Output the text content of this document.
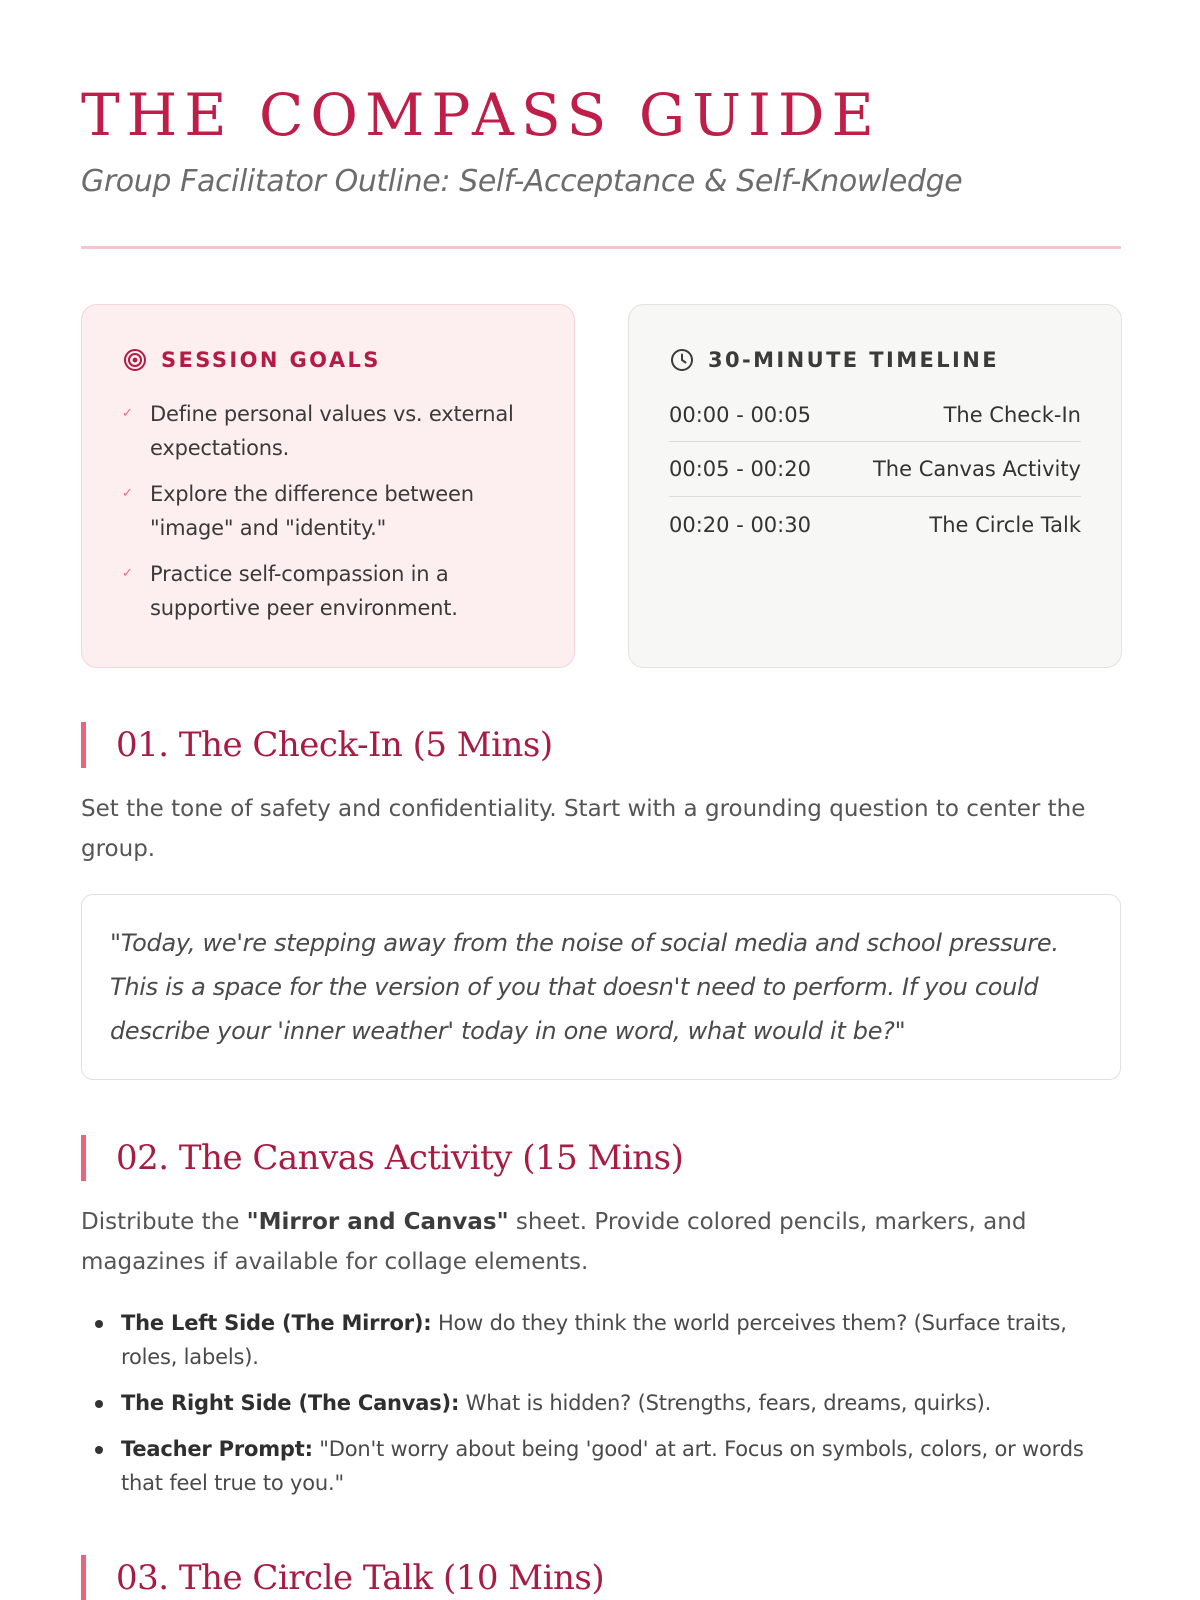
THE COMPASS GUIDE
Group Facilitator Outline: Self-Acceptance & Self-Knowledge
SESSION GOALS
✓ Define personal values vs. external expectations.
✓ Explore the difference between "image" and "identity."
✓ Practice self-compassion in a supportive peer environment.
30-MINUTE TIMELINE
00:00 - 00:05	The Check-In
00:05 - 00:20	The Canvas Activity
00:20 - 00:30	The Circle Talk
01. The Check-In (5 Mins)

Set the tone of safety and confidentiality. Start with a grounding question to center the group.

"Today, we're stepping away from the noise of social media and school pressure. This is a space for the version of you that doesn't need to perform. If you could describe your 'inner weather' today in one word, what would it be?"
02. The Canvas Activity (15 Mins)

Distribute the "Mirror and Canvas" sheet. Provide colored pencils, markers, and magazines if available for collage elements.

The Left Side (The Mirror): How do they think the world perceives them? (Surface traits, roles, labels).
The Right Side (The Canvas): What is hidden? (Strengths, fears, dreams, quirks).
Teacher Prompt: "Don't worry about being 'good' at art. Focus on symbols, colors, or words that feel true to you."
03. The Circle Talk (10 Mins)
